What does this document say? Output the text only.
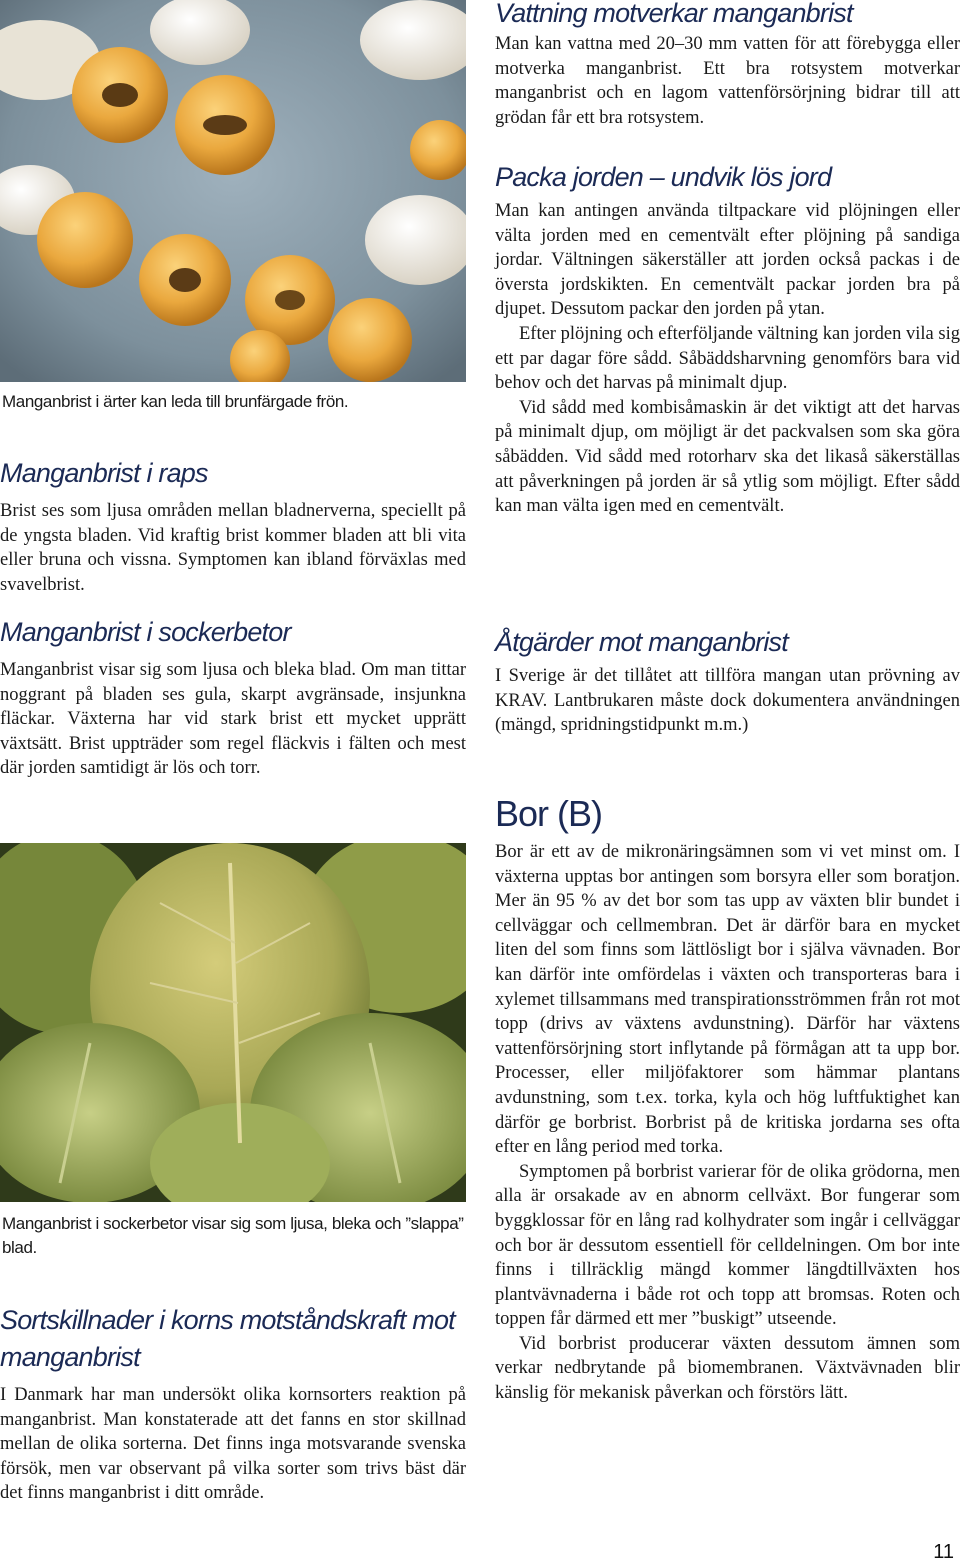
Manganbrist i ärter kan leda till brunfärgade frön.

Manganbrist i raps

Brist ses som ljusa områden mellan bladnerverna, speciellt på de yngsta bladen. Vid kraftig brist kommer bladen att bli vita eller bruna och vissna. Symptomen kan ibland förväxlas med svavelbrist.

Manganbrist i sockerbetor

Manganbrist visar sig som ljusa och bleka blad. Om man tittar noggrant på bladen ses gula, skarpt avgränsade, insjunkna fläckar. Växterna har vid stark brist ett mycket upprätt växtsätt. Brist uppträder som regel fläckvis i fälten och mest där jorden samtidigt är lös och torr.

Manganbrist i sockerbetor visar sig som ljusa, bleka och ”slappa” blad.

Sortskillnader i korns motståndskraft mot manganbrist

I Danmark har man undersökt olika kornsorters reaktion på manganbrist. Man konstaterade att det fanns en stor skillnad mellan de olika sorterna. Det finns inga motsvarande svenska försök, men var observant på vilka sorter som trivs bäst där det finns manganbrist i ditt område.

Vattning motverkar manganbrist

Man kan vattna med 20–30 mm vatten för att förebygga eller motverka manganbrist. Ett bra rotsystem motverkar manganbrist och en lagom vattenförsörjning bidrar till att grödan får ett bra rotsystem.

Packa jorden – undvik lös jord

Man kan antingen använda tiltpackare vid plöjningen eller välta jorden med en cementvält efter plöjning på sandiga jordar. Vältningen säkerställer att jorden också packas i de översta jordskikten. En cementvält packar jorden bra på djupet. Dessutom packar den jorden på ytan.

Efter plöjning och efterföljande vältning kan jorden vila sig ett par dagar före sådd. Såbäddsharvning genomförs bara vid behov och det harvas på minimalt djup.

Vid sådd med kombisåmaskin är det viktigt att det harvas på minimalt djup, om möjligt är det packvalsen som ska göra såbädden. Vid sådd med rotorharv ska det likaså säkerställas att påverkningen på jorden är så ytlig som möjligt. Efter sådd kan man välta igen med en cementvält.

Åtgärder mot manganbrist

I Sverige är det tillåtet att tillföra mangan utan prövning av KRAV. Lantbrukaren måste dock dokumentera användningen (mängd, spridningstidpunkt m.m.)

Bor (B)

Bor är ett av de mikronäringsämnen som vi vet minst om. I växterna upptas bor antingen som borsyra eller som boratjon. Mer än 95 % av det bor som tas upp av växten blir bundet i cellväggar och cellmembran. Det är därför bara en mycket liten del som finns som lättlösligt bor i själva vävnaden. Bor kan därför inte omfördelas i växten och transporteras bara i xylemet tillsammans med transpirationsströmmen från rot mot topp (drivs av växtens avdunstning). Därför har växtens vattenförsörjning stort inflytande på förmågan att ta upp bor. Processer, eller miljöfaktorer som hämmar plantans avdunstning, som t.ex. torka, kyla och hög luftfuktighet kan därför ge borbrist. Borbrist på de kritiska jordarna ses ofta efter en lång period med torka.

Symptomen på borbrist varierar för de olika grödorna, men alla är orsakade av en abnorm cellväxt. Bor fungerar som byggklossar för en lång rad kolhydrater som ingår i cellväggar och bor är dessutom essentiell för celldelningen. Om bor inte finns i tillräcklig mängd kommer längdtillväxten hos plantvävnaderna i både rot och topp att bromsas. Roten och toppen får därmed ett mer ”buskigt” utseende.

Vid borbrist producerar växten dessutom ämnen som verkar nedbrytande på biomembranen. Växtvävnaden blir känslig för mekanisk påverkan och förstörs lätt.

11
